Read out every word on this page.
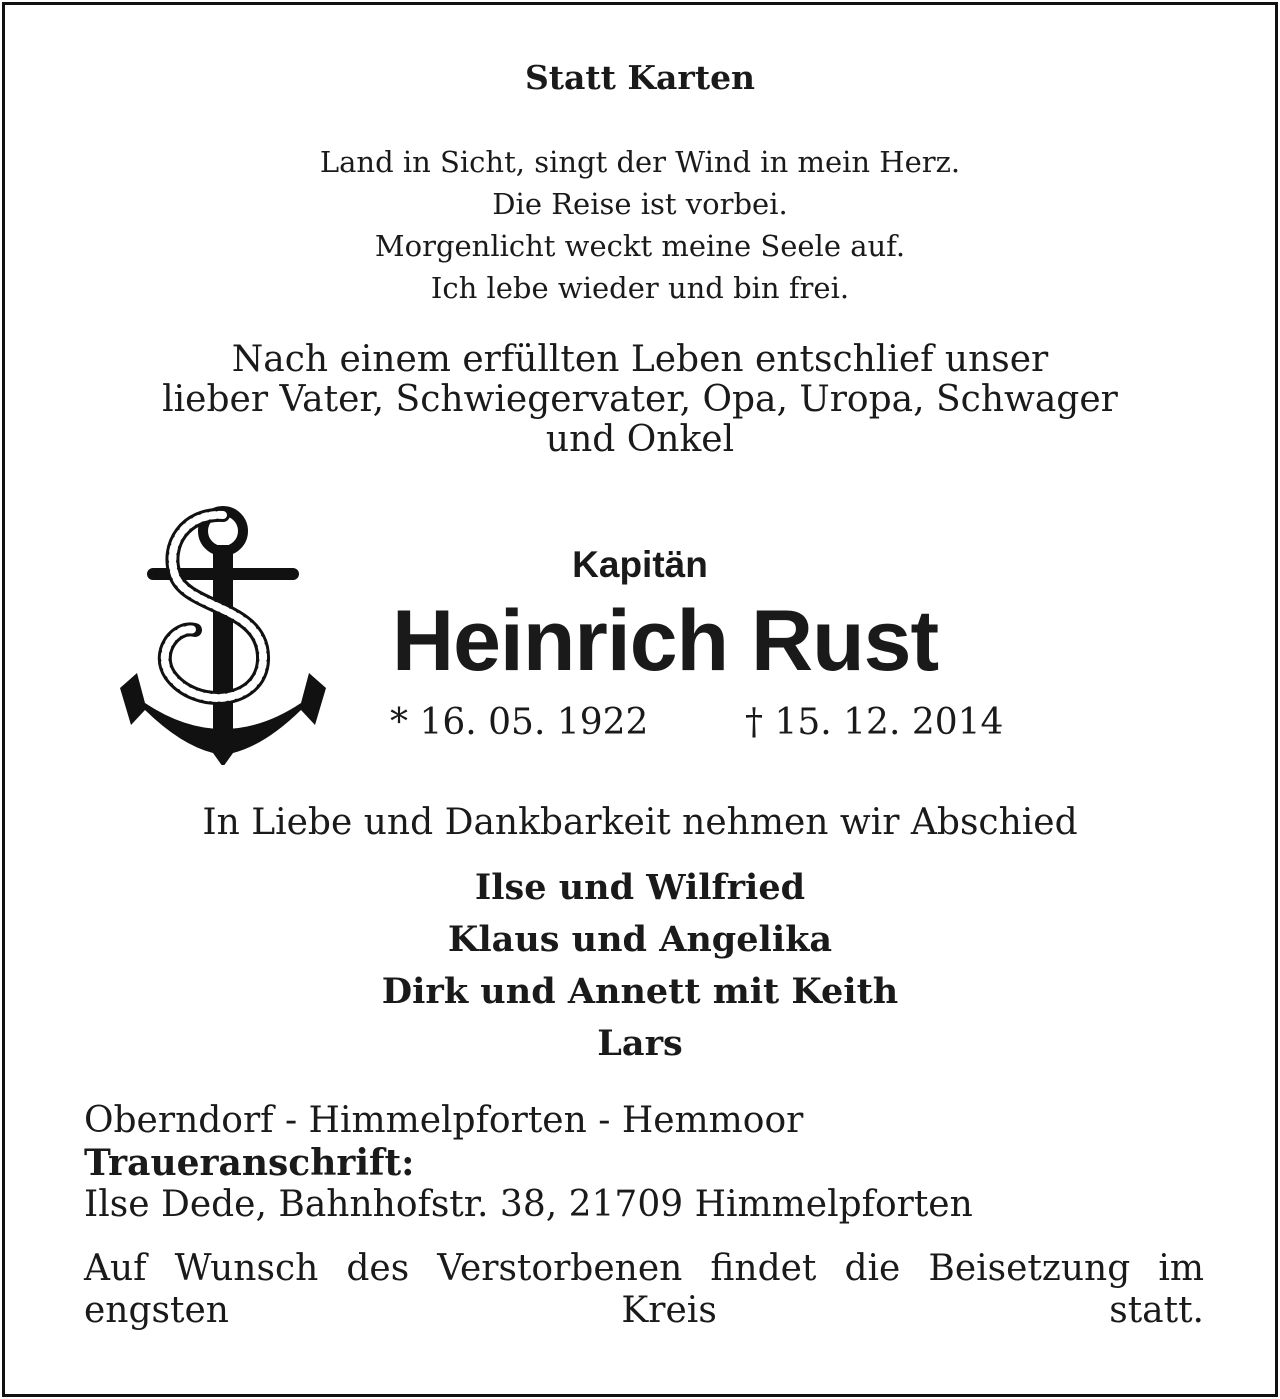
Statt Karten
Land in Sicht, singt der Wind in mein Herz.
Die Reise ist vorbei.
Morgenlicht weckt meine Seele auf.
Ich lebe wieder und bin frei.
Nach einem erfüllten Leben entschlief unser
lieber Vater, Schwiegervater, Opa, Uropa, Schwager
und Onkel
Kapitän
Heinrich Rust
* 16. 05. 1922	† 15. 12. 2014
In Liebe und Dankbarkeit nehmen wir Abschied
Ilse und Wilfried
Klaus und Angelika
Dirk und Annett mit Keith
Lars
Oberndorf - Himmelpforten - Hemmoor
Traueranschrift:
Ilse Dede, Bahnhofstr. 38, 21709 Himmelpforten
Auf Wunsch des Verstorbenen findet die Beisetzung im engsten Kreis statt.
